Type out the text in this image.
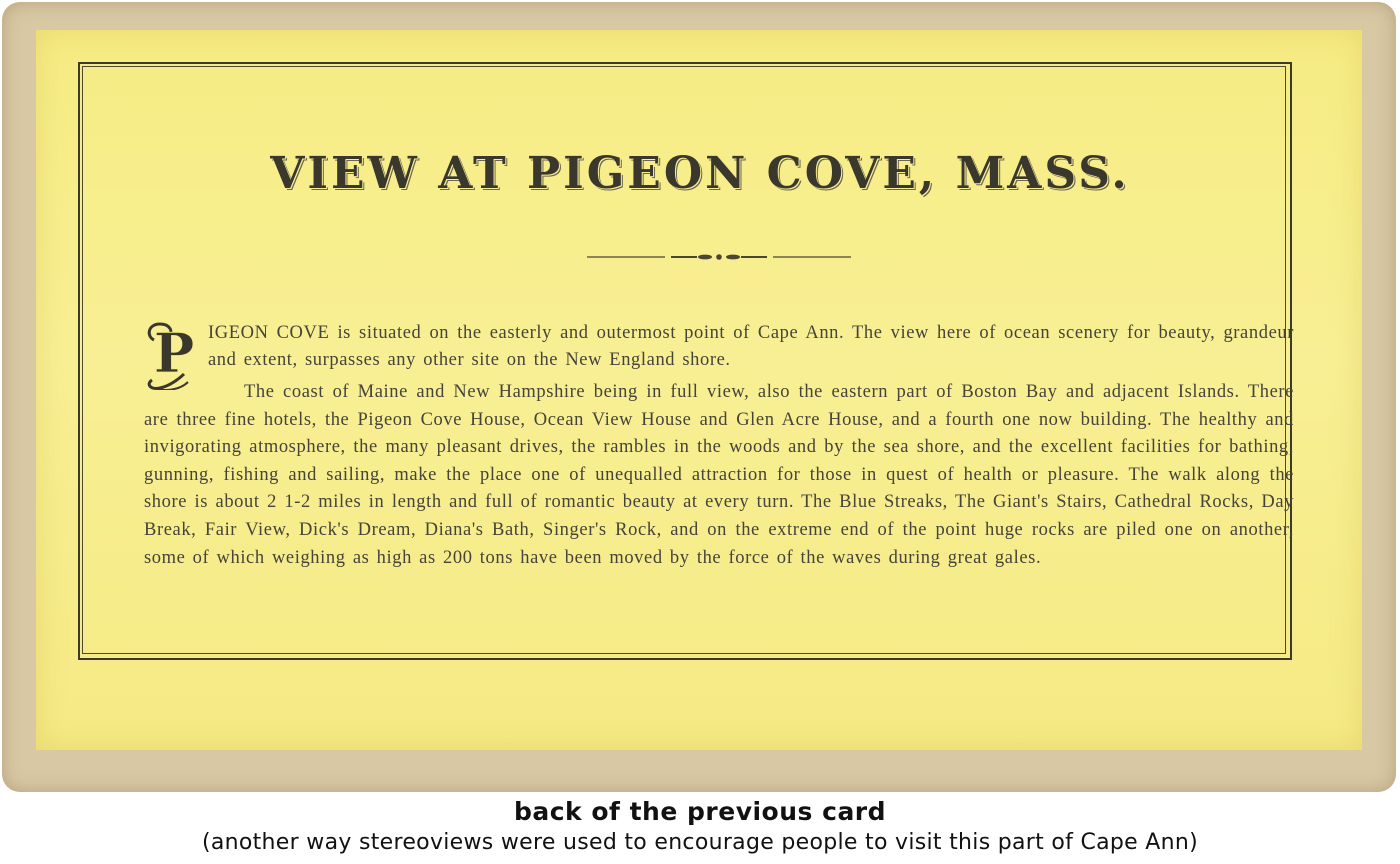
VIEW AT PIGEON COVE, MASS.
P IGEON COVE is situated on the easterly and outermost point of Cape Ann. The view here of ocean scenery for beauty, grandeur and extent, surpasses any other site on the New England shore.
The coast of Maine and New Hampshire being in full view, also the eastern part of Boston Bay and adjacent Islands. There are three fine hotels, the Pigeon Cove House, Ocean View House and Glen Acre House, and a fourth one now building. The healthy and invigorating atmosphere, the many pleasant drives, the rambles in the woods and by the sea shore, and the excellent facilities for bathing, gunning, fishing and sailing, make the place one of unequalled attraction for those in quest of health or pleasure. The walk along the shore is about 2 1-2 miles in length and full of romantic beauty at every turn. The Blue Streaks, The Giant's Stairs, Cathedral Rocks, Day Break, Fair View, Dick's Dream, Diana's Bath, Singer's Rock, and on the extreme end of the point huge rocks are piled one on another, some of which weighing as high as 200 tons have been moved by the force of the waves during great gales.
back of the previous card
(another way stereoviews were used to encourage people to visit this part of Cape Ann)
